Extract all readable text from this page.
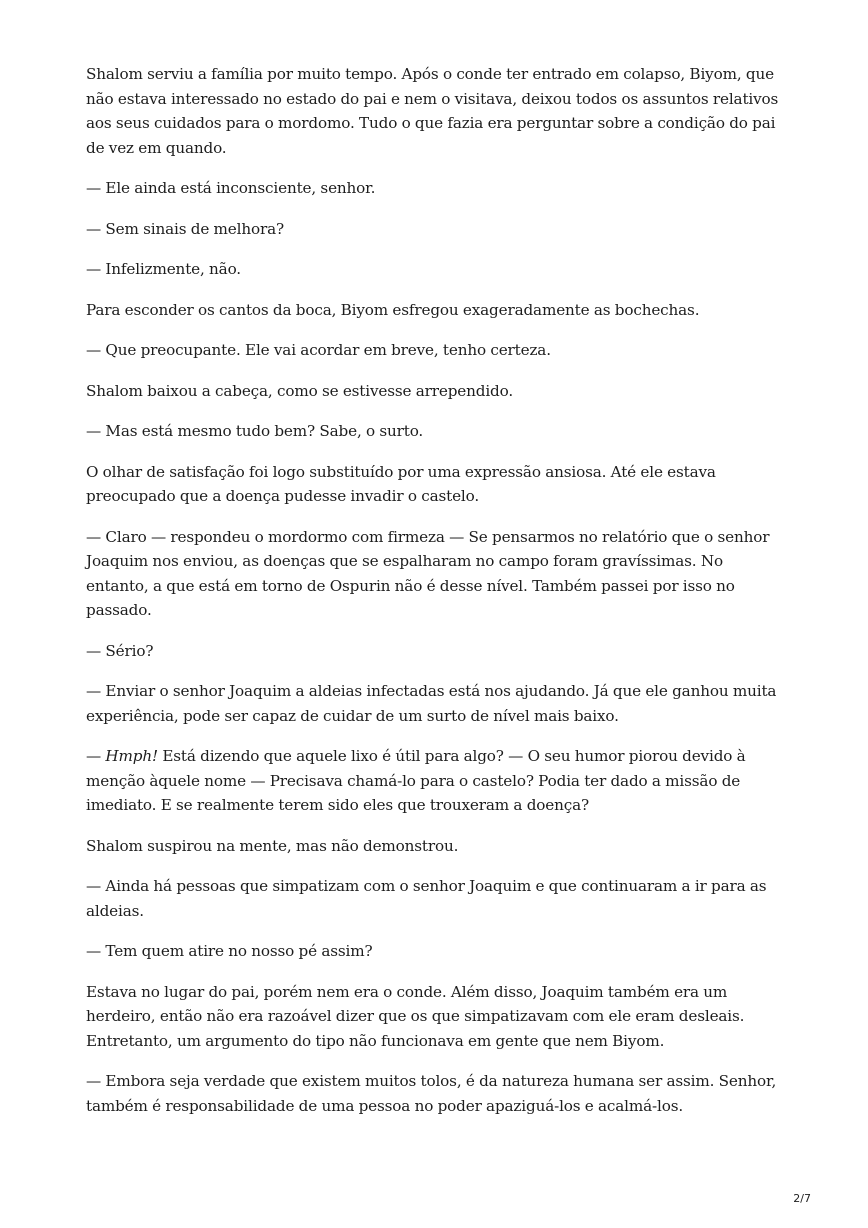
Shalom serviu a família por muito tempo. Após o conde ter entrado em colapso, Biyom, que não estava interessado no estado do pai e nem o visitava, deixou todos os assuntos relativos aos seus cuidados para o mordomo. Tudo o que fazia era perguntar sobre a condição do pai de vez em quando.

— Ele ainda está inconsciente, senhor.

— Sem sinais de melhora?

— Infelizmente, não.

Para esconder os cantos da boca, Biyom esfregou exageradamente as bochechas.

— Que preocupante. Ele vai acordar em breve, tenho certeza.

Shalom baixou a cabeça, como se estivesse arrependido.

— Mas está mesmo tudo bem? Sabe, o surto.

O olhar de satisfação foi logo substituído por uma expressão ansiosa. Até ele estava preocupado que a doença pudesse invadir o castelo.

— Claro — respondeu o mordormo com firmeza — Se pensarmos no relatório que o senhor Joaquim nos enviou, as doenças que se espalharam no campo foram gravíssimas. No entanto, a que está em torno de Ospurin não é desse nível. Também passei por isso no passado.

— Sério?

— Enviar o senhor Joaquim a aldeias infectadas está nos ajudando. Já que ele ganhou muita experiência, pode ser capaz de cuidar de um surto de nível mais baixo.

— Hmph! Está dizendo que aquele lixo é útil para algo? — O seu humor piorou devido à menção àquele nome — Precisava chamá-lo para o castelo? Podia ter dado a missão de imediato. E se realmente terem sido eles que trouxeram a doença?

Shalom suspirou na mente, mas não demonstrou.

— Ainda há pessoas que simpatizam com o senhor Joaquim e que continuaram a ir para as aldeias.

— Tem quem atire no nosso pé assim?

Estava no lugar do pai, porém nem era o conde. Além disso, Joaquim também era um herdeiro, então não era razoável dizer que os que simpatizavam com ele eram desleais. Entretanto, um argumento do tipo não funcionava em gente que nem Biyom.

— Embora seja verdade que existem muitos tolos, é da natureza humana ser assim. Senhor, também é responsabilidade de uma pessoa no poder apaziguá-los e acalmá-los.

2/7
